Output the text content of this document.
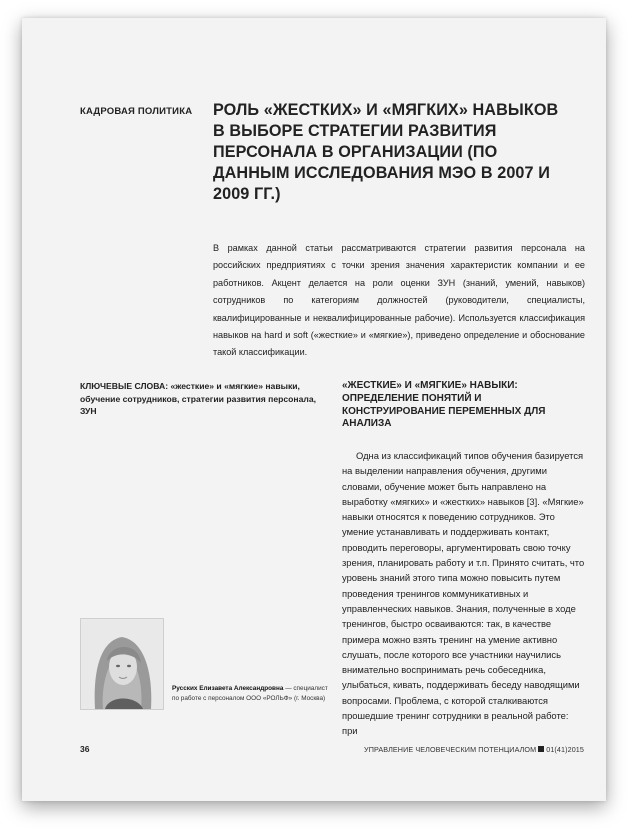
КАДРОВАЯ ПОЛИТИКА РОЛЬ «ЖЕСТКИХ» И «МЯГКИХ» НАВЫКОВ В ВЫБОРЕ СТРАТЕГИИ РАЗВИТИЯ ПЕРСОНАЛА В ОРГАНИЗАЦИИ (ПО ДАННЫМ ИССЛЕДОВАНИЯ МЭО В 2007 И 2009 ГГ.)
В рамках данной статьи рассматриваются стратегии развития персонала на российских предприятиях с точки зрения значения характеристик компании и ее работников. Акцент делается на роли оценки ЗУН (знаний, умений, навыков) сотрудников по категориям должностей (руководители, специалисты, квалифицированные и неквалифицированные рабочие). Используется классификация навыков на hard и soft («жесткие» и «мягкие»), приведено определение и обоснование такой классификации.
КЛЮЧЕВЫЕ СЛОВА: «жесткие» и «мягкие» навыки, обучение сотрудников, стратегии развития персонала, ЗУН
«ЖЕСТКИЕ» И «МЯГКИЕ» НАВЫКИ: ОПРЕДЕЛЕНИЕ ПОНЯТИЙ И КОНСТРУИРОВАНИЕ ПЕРЕМЕННЫХ ДЛЯ АНАЛИЗА
Одна из классификаций типов обучения базируется на выделении направления обучения, другими словами, обучение может быть направлено на выработку «мягких» и «жестких» навыков [3]. «Мягкие» навыки относятся к поведению сотрудников. Это умение устанавливать и поддерживать контакт, проводить переговоры, аргументировать свою точку зрения, планировать работу и т.п. Принято считать, что уровень знаний этого типа можно повысить путем проведения тренингов коммуникативных и управленческих навыков. Знания, полученные в ходе тренингов, быстро осваиваются: так, в качестве примера можно взять тренинг на умение активно слушать, после которого все участники научились внимательно воспринимать речь собеседника, улыбаться, кивать, поддерживать беседу наводящими вопросами. Проблема, с которой сталкиваются прошедшие тренинг сотрудники в реальной работе: при
Русских Елизавета Александровна — специалист по работе с персоналом ООО «РОЛЬФ» (г. Москва)
36	УПРАВЛЕНИЕ ЧЕЛОВЕЧЕСКИМ ПОТЕНЦИАЛОМ 01(41)2015
